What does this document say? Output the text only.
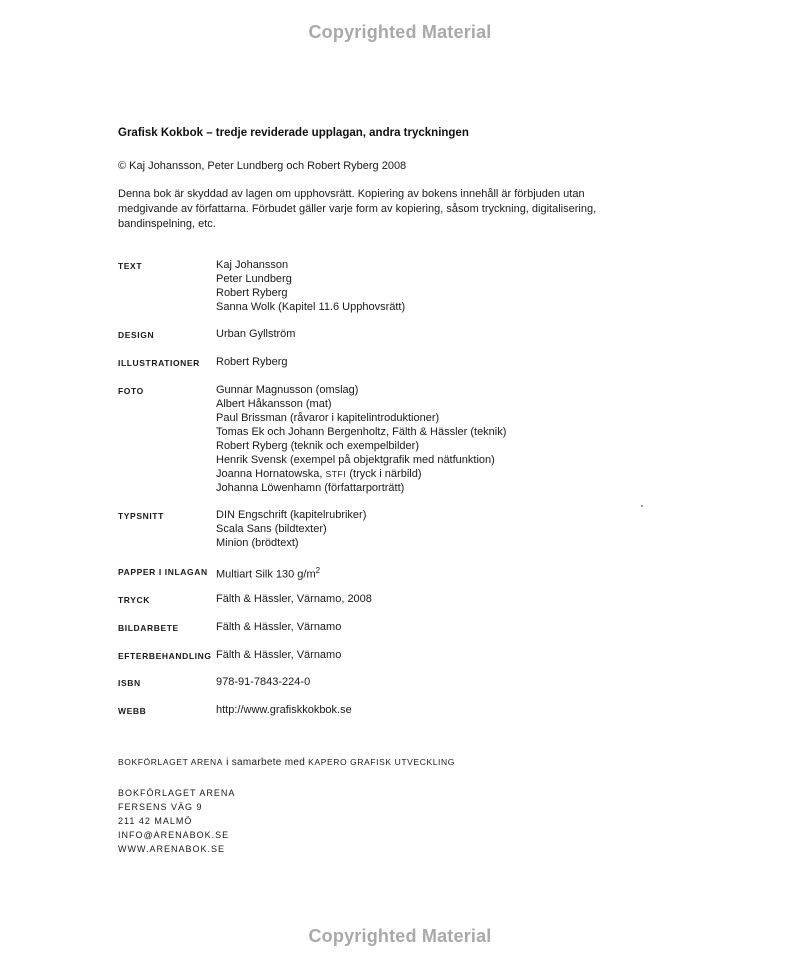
Copyrighted Material
Grafisk Kokbok – tredje reviderade upplagan, andra tryckningen
© Kaj Johansson, Peter Lundberg och Robert Ryberg 2008
Denna bok är skyddad av lagen om upphovsrätt. Kopiering av bokens innehåll är förbjuden utan medgivande av författarna. Förbudet gäller varje form av kopiering, såsom tryckning, digitalisering, bandinspelning, etc.
TEXT	Kaj Johansson
Peter Lundberg
Robert Ryberg
Sanna Wolk (Kapitel 11.6 Upphovsrätt)
DESIGN	Urban Gyllström
ILLUSTRATIONER	Robert Ryberg
FOTO	Gunnar Magnusson (omslag)
Albert Håkansson (mat)
Paul Brissman (råvaror i kapitelintroduktioner)
Tomas Ek och Johann Bergenholtz, Fälth & Hässler (teknik)
Robert Ryberg (teknik och exempelbilder)
Henrik Svensk (exempel på objektgrafik med nätfunktion)
Joanna Hornatowska, STFI (tryck i närbild)
Johanna Löwenhamn (författarporträtt)
TYPSNITT	DIN Engschrift (kapitelrubriker)
Scala Sans (bildtexter)
Minion (brödtext)
PAPPER I INLAGAN Multiart Silk 130 $g/m^2$
TRYCK	Fälth & Hässler, Värnamo, 2008
BILDARBETE	Fälth & Hässler, Värnamo
EFTERBEHANDLING Fälth & Hässler, Värnamo
ISBN	978-91-7843-224-0
WEBB	http://www.grafiskkokbok.se
BOKFÖRLAGET ARENA i samarbete med KAPERO GRAFISK UTVECKLING
BOKFÖRLAGET ARENA
FERSENS VÄG 9
211 42 MALMÖ
INFO@ARENABOK.SE
WWW.ARENABOK.SE
Copyrighted Material
